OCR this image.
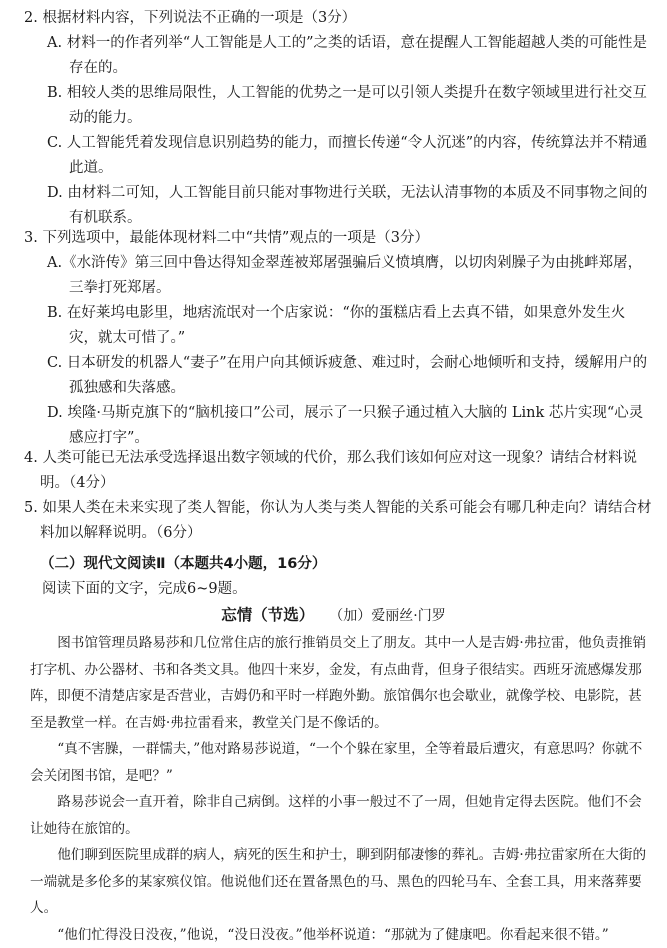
2. 根据材料内容，下列说法不正确的一项是（3分）
A. 材料一的作者列举“人工智能是人工的”之类的话语，意在提醒人工智能超越人类的可能性是存在的。
B. 相较人类的思维局限性，人工智能的优势之一是可以引领人类提升在数字领域里进行社交互动的能力。
C. 人工智能凭着发现信息识别趋势的能力，而擅长传递“令人沉迷”的内容，传统算法并不精通此道。
D. 由材料二可知，人工智能目前只能对事物进行关联，无法认清事物的本质及不同事物之间的有机联系。
3. 下列选项中，最能体现材料二中“共情”观点的一项是（3分）
A.《水浒传》第三回中鲁达得知金翠莲被郑屠强骗后义愤填膺，以切肉剁臊子为由挑衅郑屠，三拳打死郑屠。
B. 在好莱坞电影里，地痞流氓对一个店家说：“你的蛋糕店看上去真不错，如果意外发生火灾，就太可惜了。”
C. 日本研发的机器人“妻子”在用户向其倾诉疲惫、难过时，会耐心地倾听和支持，缓解用户的孤独感和失落感。
D. 埃隆·马斯克旗下的“脑机接口”公司，展示了一只猴子通过植入大脑的 Link 芯片实现“心灵感应打字”。
4. 人类可能已无法承受选择退出数字领域的代价，那么我们该如何应对这一现象？请结合材料说明。（4分）
5. 如果人类在未来实现了类人智能，你认为人类与类人智能的关系可能会有哪几种走向？请结合材料加以解释说明。（6分）
（二）现代文阅读Ⅱ（本题共4小题，16分）
阅读下面的文字，完成6~9题。
忘情（节选） （加）爱丽丝·门罗
图书馆管理员路易莎和几位常住店的旅行推销员交上了朋友。其中一人是吉姆·弗拉雷，他负责推销打字机、办公器材、书和各类文具。他四十来岁，金发，有点曲背，但身子很结实。西班牙流感爆发那阵，即便不清楚店家是否营业，吉姆仍和平时一样跑外勤。旅馆偶尔也会歇业，就像学校、电影院，甚至是教堂一样。在吉姆·弗拉雷看来，教堂关门是不像话的。
“真不害臊，一群懦夫，”他对路易莎说道，“一个个躲在家里，全等着最后遭灾，有意思吗？你就不会关闭图书馆，是吧？”
路易莎说会一直开着，除非自己病倒。这样的小事一般过不了一周，但她肯定得去医院。他们不会让她待在旅馆的。
他们聊到医院里成群的病人，病死的医生和护士，聊到阴郁凄惨的葬礼。吉姆·弗拉雷家所在大街的一端就是多伦多的某家殡仪馆。他说他们还在置备黑色的马、黑色的四轮马车、全套工具，用来落葬要人。
“他们忙得没日没夜，”他说，“没日没夜。”他举杯说道：“那就为了健康吧。你看起来很不错。”
